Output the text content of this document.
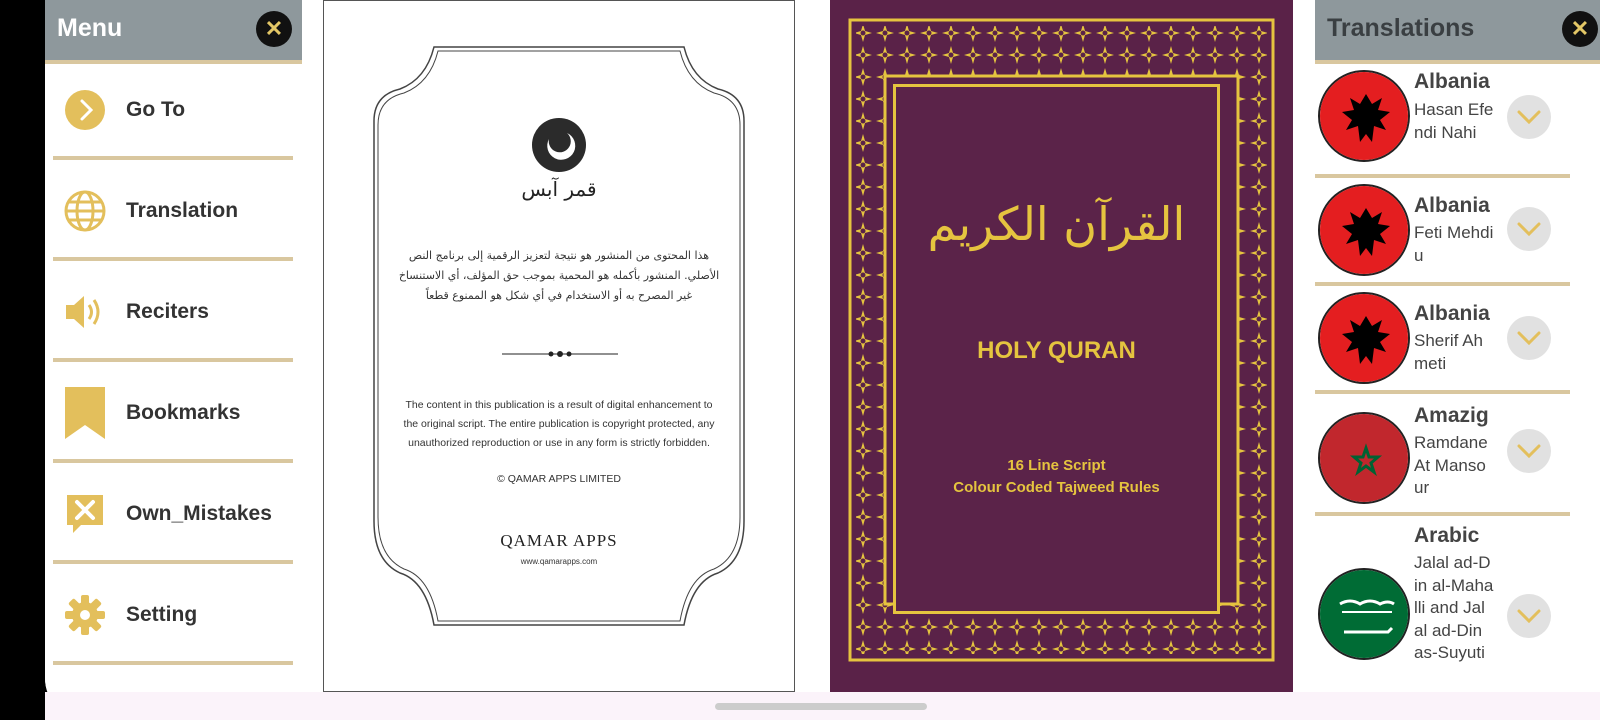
Menu	✕
Go To
Translation
Reciters
Bookmarks
Own_Mistakes
Setting
قمر آبس
هذا المحتوى من المنشور هو نتيجة لتعزيز الرقمية إلى برنامج النص
الأصلي. المنشور بأكمله هو المحمية بموجب حق المؤلف، أي الاستنساخ
غير المصرح به أو الاستخدام في أي شكل هو الممنوع قطعاً
The content in this publication is a result of digital enhancement to
the original script. The entire publication is copyright protected, any
unauthorized reproduction or use in any form is strictly forbidden.
© QAMAR APPS LIMITED
QAMAR APPS
www.qamarapps.com
القرآن الكريم
HOLY QURAN
16 Line Script
Colour Coded Tajweed Rules
Translations	✕
Albania
Hasan Efendi Nahi
Albania
Feti Mehdiu
Albania
Sherif Ahmeti
Amazig
Ramdane At Mansour
Arabic
Jalal ad-Din al-Mahalli and Jalal ad-Din as-Suyuti
